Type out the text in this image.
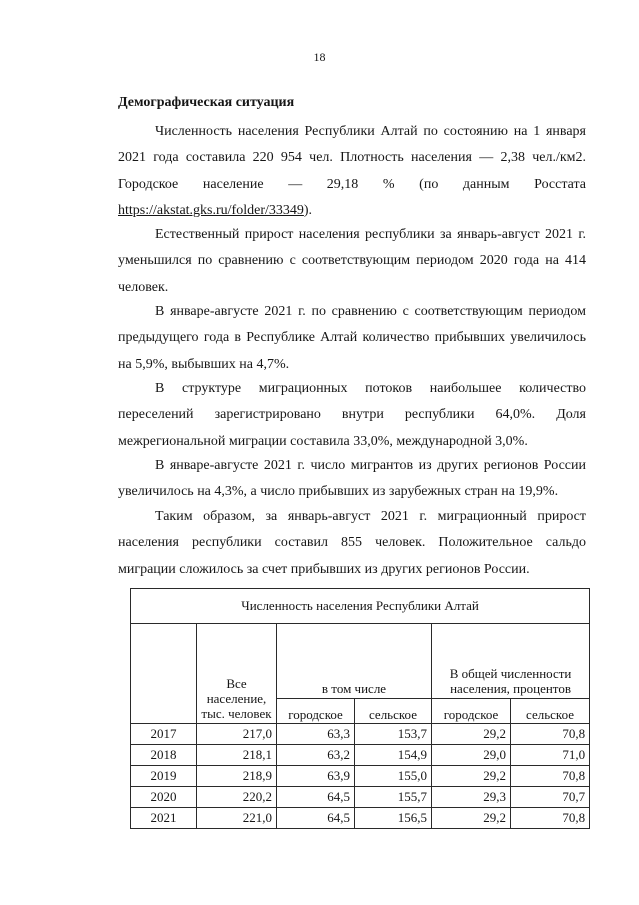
18
Демографическая ситуация

Численность населения Республики Алтай по состоянию на 1 января 2021 года составила 220 954 чел. Плотность населения — 2,38 чел./км2. Городское население — 29,18 % (по данным Росстата https://akstat.gks.ru/folder/33349).

Естественный прирост населения республики за январь-август 2021 г. уменьшился по сравнению с соответствующим периодом 2020 года на 414 человек.

В январе-августе 2021 г. по сравнению с соответствующим периодом предыдущего года в Республике Алтай количество прибывших увеличилось на 5,9%, выбывших на 4,7%.

В структуре миграционных потоков наибольшее количество переселений зарегистрировано внутри республики 64,0%. Доля межрегиональной миграции составила 33,0%, международной 3,0%.

В январе-августе 2021 г. число мигрантов из других регионов России увеличилось на 4,3%, а число прибывших из зарубежных стран на 19,9%.

Таким образом, за январь-август 2021 г. миграционный прирост населения республики составил 855 человек. Положительное сальдо миграции сложилось за счет прибывших из других регионов России.

Численность населения Республики Алтай					
	Все население, тыс. человек	в том числе		В общей численности населения, процентов	
		городское	сельское	городское	сельское
2017	217,0	63,3	153,7	29,2	70,8
2018	218,1	63,2	154,9	29,0	71,0
2019	218,9	63,9	155,0	29,2	70,8
2020	220,2	64,5	155,7	29,3	70,7
2021	221,0	64,5	156,5	29,2	70,8
